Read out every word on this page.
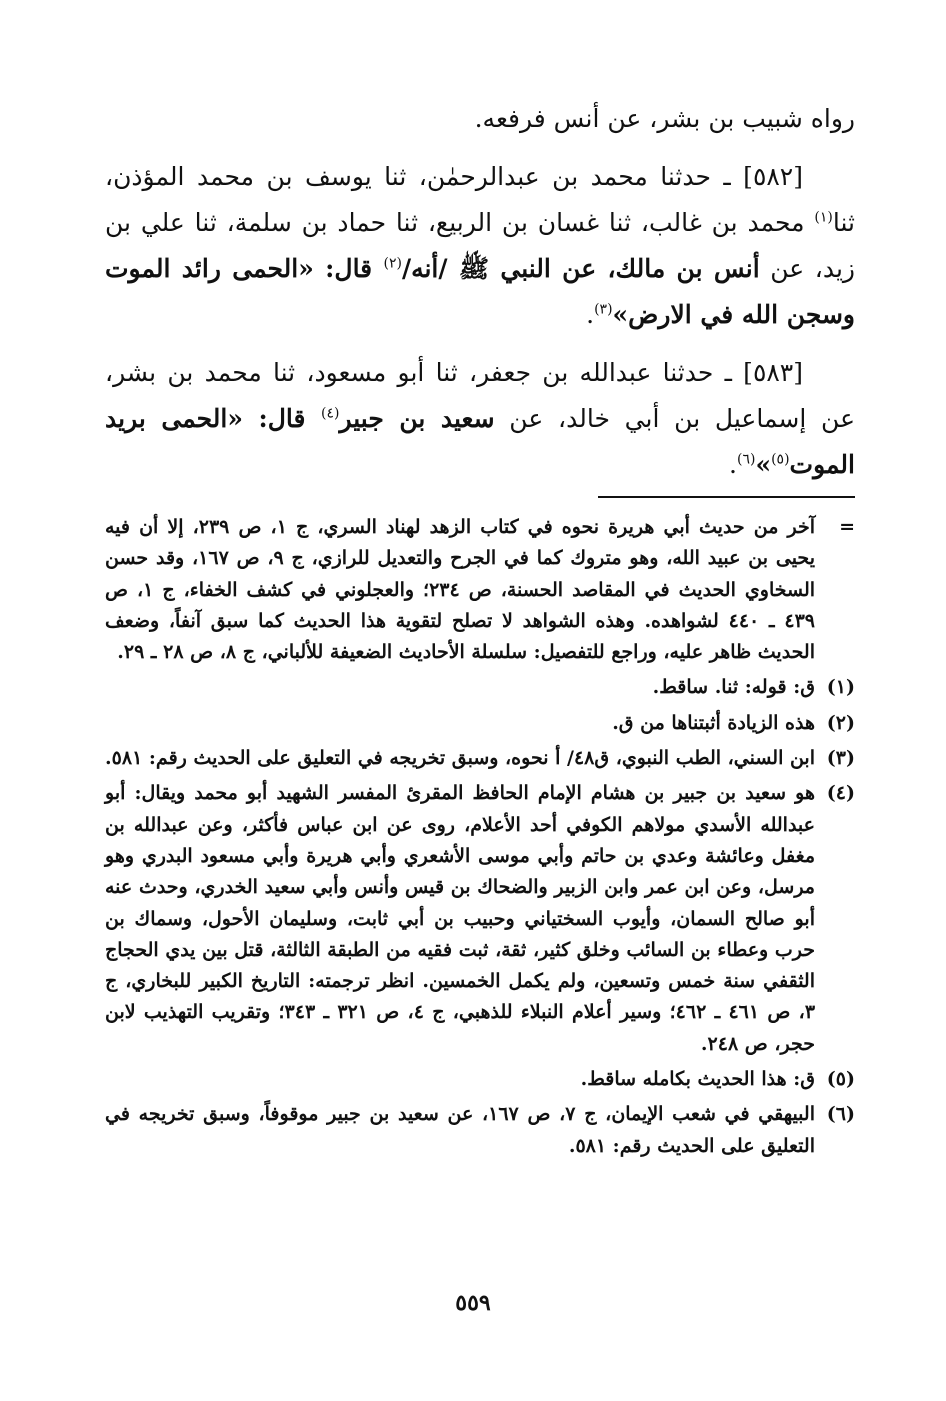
رواه شبيب بن بشر، عن أنس فرفعه.

[٥٨٢] ـ حدثنا محمد بن عبدالرحمٰن، ثنا يوسف بن محمد المؤذن، ثنا$^{(١)}$ محمد بن غالب، ثنا غسان بن الربيع، ثنا حماد بن سلمة، ثنا علي بن زيد، عن أنس بن مالك، عن النبي ﷺ /أنه/$^{(٢)}$ قال: «الحمى رائد الموت وسجن الله في الارض»$^{(٣)}$.

[٥٨٣] ـ حدثنا عبدالله بن جعفر، ثنا أبو مسعود، ثنا محمد بن بشر، عن إسماعيل بن أبي خالد، عن سعيد بن جبير$^{(٤)}$ قال: «الحمى بريد الموت$^{(٥)}$»$^{(٦)}$.

=
آخر من حديث أبي هريرة نحوه في كتاب الزهد لهناد السري، ج ١، ص ٢٣٩، إلا أن فيه يحيى بن عبيد الله، وهو متروك كما في الجرح والتعديل للرازي، ج ٩، ص ١٦٧، وقد حسن السخاوي الحديث في المقاصد الحسنة، ص ٢٣٤؛ والعجلوني في كشف الخفاء، ج ١، ص ٤٣٩ ـ ٤٤٠ لشواهده. وهذه الشواهد لا تصلح لتقوية هذا الحديث كما سبق آنفاً، وضعف الحديث ظاهر عليه، وراجع للتفصيل: سلسلة الأحاديث الضعيفة للألباني، ج ٨، ص ٢٨ ـ ٢٩.
(١)
ق: قوله: ثنا. ساقط.
(٢)
هذه الزيادة أثبتناها من ق.
(٣)
ابن السني، الطب النبوي، ق٤٨/ أ نحوه، وسبق تخريجه في التعليق على الحديث رقم: ٥٨١.
(٤)
هو سعيد بن جبير بن هشام الإمام الحافظ المقرئ المفسر الشهيد أبو محمد ويقال: أبو عبدالله الأسدي مولاهم الكوفي أحد الأعلام، روى عن ابن عباس فأكثر، وعن عبدالله بن مغفل وعائشة وعدي بن حاتم وأبي موسى الأشعري وأبي هريرة وأبي مسعود البدري وهو مرسل، وعن ابن عمر وابن الزبير والضحاك بن قيس وأنس وأبي سعيد الخدري، وحدث عنه أبو صالح السمان، وأيوب السختياني وحبيب بن أبي ثابت، وسليمان الأحول، وسماك بن حرب وعطاء بن السائب وخلق كثير، ثقة، ثبت فقيه من الطبقة الثالثة، قتل بين يدي الحجاج الثقفي سنة خمس وتسعين، ولم يكمل الخمسين. انظر ترجمته: التاريخ الكبير للبخاري، ج ٣، ص ٤٦١ ـ ٤٦٢؛ وسير أعلام النبلاء للذهبي، ج ٤، ص ٣٢١ ـ ٣٤٣؛ وتقريب التهذيب لابن حجر، ص ٢٤٨.
(٥)
ق: هذا الحديث بكامله ساقط.
(٦)
البيهقي في شعب الإيمان، ج ٧، ص ١٦٧، عن سعيد بن جبير موقوفاً، وسبق تخريجه في التعليق على الحديث رقم: ٥٨١.
٥٥٩
